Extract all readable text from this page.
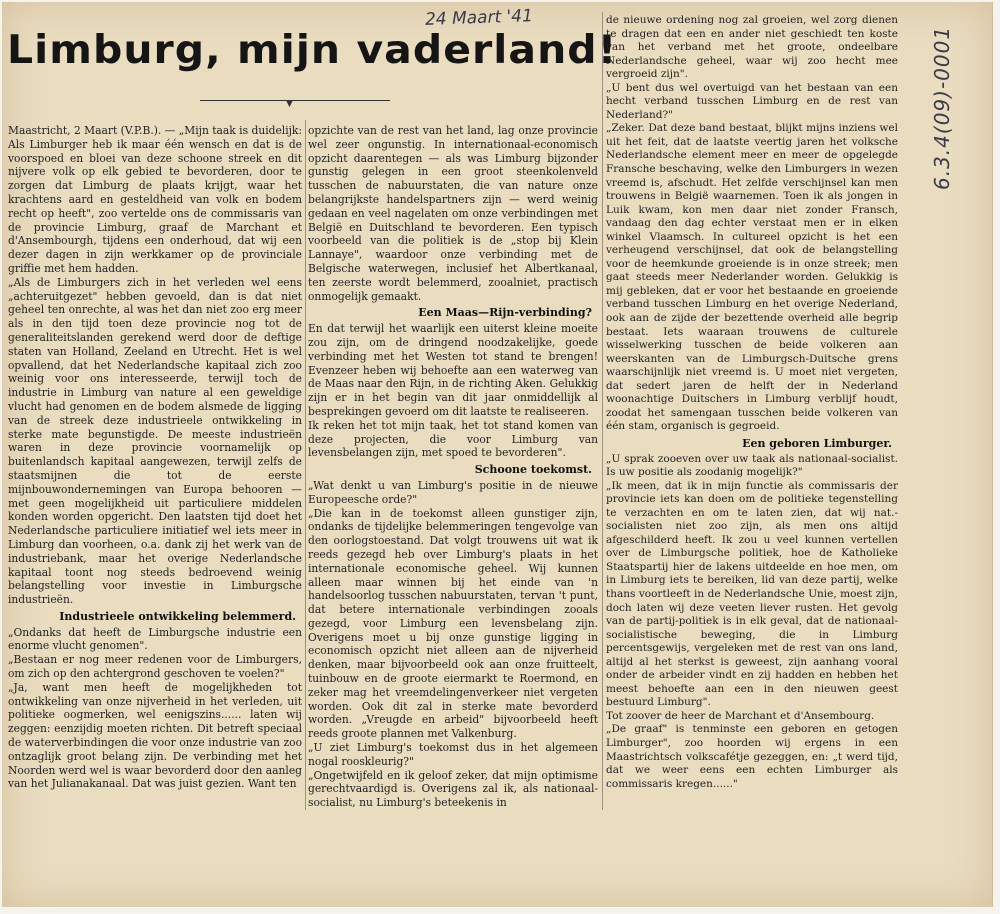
24 Maart '41
6.3.4(09)-0001
Limburg, mijn vaderland!
▼

Maastricht, 2 Maart (V.P.B.). — „Mijn taak is duidelijk: Als Limburger heb ik maar één wensch en dat is de voorspoed en bloei van deze schoone streek en dit nijvere volk op elk gebied te bevorderen, door te zorgen dat Limburg de plaats krijgt, waar het krachtens aard en gesteldheid van volk en bodem recht op heeft", zoo vertelde ons de commissaris van de provincie Limburg, graaf de Marchant et d'Ansembourgh, tijdens een onderhoud, dat wij een dezer dagen in zijn werkkamer op de provinciale griffie met hem hadden.

„Als de Limburgers zich in het verleden wel eens „achteruitgezet" hebben gevoeld, dan is dat niet geheel ten onrechte, al was het dan niet zoo erg meer als in den tijd toen deze provincie nog tot de generaliteitslanden gerekend werd door de deftige staten van Holland, Zeeland en Utrecht. Het is wel opvallend, dat het Nederlandsche kapitaal zich zoo weinig voor ons interesseerde, terwijl toch de industrie in Limburg van nature al een geweldige vlucht had genomen en de bodem alsmede de ligging van de streek deze industrieele ontwikkeling in sterke mate begunstigde. De meeste industrieën waren in deze provincie voornamelijk op buitenlandsch kapitaal aangewezen, terwijl zelfs de staatsmijnen die tot de eerste mijnbouwondernemingen van Europa behooren — met geen mogelijkheid uit particuliere middelen konden worden opgericht. Den laatsten tijd doet het Nederlandsche particuliere initiatief wel iets meer in Limburg dan voorheen, o.a. dank zij het werk van de industriebank, maar het overige Nederlandsche kapitaal toont nog steeds bedroevend weinig belangstelling voor investie in Limburgsche industrieën.

Industrieele ontwikkeling belemmerd.

„Ondanks dat heeft de Limburgsche industrie een enorme vlucht genomen".

„Bestaan er nog meer redenen voor de Limburgers, om zich op den achtergrond geschoven te voelen?"

„Ja, want men heeft de mogelijkheden tot ontwikkeling van onze nijverheid in het verleden, uit politieke oogmerken, wel eenigszins...... laten wij zeggen: eenzijdig moeten richten. Dit betreft speciaal de waterverbindingen die voor onze industrie van zoo ontzaglijk groot belang zijn. De verbinding met het Noorden werd wel is waar bevorderd door den aanleg van het Julianakanaal. Dat was juist gezien. Want ten

opzichte van de rest van het land, lag onze provincie wel zeer ongunstig. In internationaal-economisch opzicht daarentegen — als was Limburg bijzonder gunstig gelegen in een groot steenkolenveld tusschen de nabuurstaten, die van nature onze belangrijkste handelspartners zijn — werd weinig gedaan en veel nagelaten om onze verbindingen met België en Duitschland te bevorderen. Een typisch voorbeeld van die politiek is de „stop bij Klein Lannaye", waardoor onze verbinding met de Belgische waterwegen, inclusief het Albertkanaal, ten zeerste wordt belemmerd, zooalniet, practisch onmogelijk gemaakt.

Een Maas—Rijn-verbinding?

En dat terwijl het waarlijk een uiterst kleine moeite zou zijn, om de dringend noodzakelijke, goede verbinding met het Westen tot stand te brengen! Evenzeer heben wij behoefte aan een waterweg van de Maas naar den Rijn, in de richting Aken. Gelukkig zijn er in het begin van dit jaar onmiddellijk al besprekingen gevoerd om dit laatste te realiseeren.

Ik reken het tot mijn taak, het tot stand komen van deze projecten, die voor Limburg van levensbelangen zijn, met spoed te bevorderen".

Schoone toekomst.

„Wat denkt u van Limburg's positie in de nieuwe Europeesche orde?"

„Die kan in de toekomst alleen gunstiger zijn, ondanks de tijdelijke belemmeringen tengevolge van den oorlogstoestand. Dat volgt trouwens uit wat ik reeds gezegd heb over Limburg's plaats in het internationale economische geheel. Wij kunnen alleen maar winnen bij het einde van 'n handelsoorlog tusschen nabuurstaten, tervan 't punt, dat betere internationale verbindingen zooals gezegd, voor Limburg een levensbelang zijn. Overigens moet u bij onze gunstige ligging in economisch opzicht niet alleen aan de nijverheid denken, maar bijvoorbeeld ook aan onze fruitteelt, tuinbouw en de groote eiermarkt te Roermond, en zeker mag het vreemdelingenverkeer niet vergeten worden. Ook dit zal in sterke mate bevorderd worden. „Vreugde en arbeid" bijvoorbeeld heeft reeds groote plannen met Valkenburg.

„U ziet Limburg's toekomst dus in het algemeen nogal rooskleurig?"

„Ongetwijfeld en ik geloof zeker, dat mijn optimisme gerechtvaardigd is. Overigens zal ik, als nationaal-socialist, nu Limburg's beteekenis in

de nieuwe ordening nog zal groeien, wel zorg dienen te dragen dat een en ander niet geschiedt ten koste van het verband met het groote, ondeelbare Nederlandsche geheel, waar wij zoo hecht mee vergroeid zijn".

„U bent dus wel overtuigd van het bestaan van een hecht verband tusschen Limburg en de rest van Nederland?"

„Zeker. Dat deze band bestaat, blijkt mijns inziens wel uit het feit, dat de laatste veertig jaren het volksche Nederlandsche element meer en meer de opgelegde Fransche beschaving, welke den Limburgers in wezen vreemd is, afschudt. Het zelfde verschijnsel kan men trouwens in België waarnemen. Toen ik als jongen in Luik kwam, kon men daar niet zonder Fransch, vandaag den dag echter verstaat men er in elken winkel Vlaamsch. In cultureel opzicht is het een verheugend verschijnsel, dat ook de belangstelling voor de heemkunde groeiende is in onze streek; men gaat steeds meer Nederlander worden. Gelukkig is mij gebleken, dat er voor het bestaande en groeiende verband tusschen Limburg en het overige Nederland, ook aan de zijde der bezettende overheid alle begrip bestaat. Iets waaraan trouwens de culturele wisselwerking tusschen de beide volkeren aan weerskanten van de Limburgsch-Duitsche grens waarschijnlijk niet vreemd is. U moet niet vergeten, dat sedert jaren de helft der in Nederland woonachtige Duitschers in Limburg verblijf houdt, zoodat het samengaan tusschen beide volkeren van één stam, organisch is gegroeid.

Een geboren Limburger.

„U sprak zooeven over uw taak als nationaal-socialist. Is uw positie als zoodanig mogelijk?"

„Ik meen, dat ik in mijn functie als commissaris der provincie iets kan doen om de politieke tegenstelling te verzachten en om te laten zien, dat wij nat.-socialisten niet zoo zijn, als men ons altijd afgeschilderd heeft. Ik zou u veel kunnen vertellen over de Limburgsche politiek, hoe de Katholieke Staatspartij hier de lakens uitdeelde en hoe men, om in Limburg iets te bereiken, lid van deze partij, welke thans voortleeft in de Nederlandsche Unie, moest zijn, doch laten wij deze veeten liever rusten. Het gevolg van de partij-politiek is in elk geval, dat de nationaal-socialistische beweging, die in Limburg percentsgewijs, vergeleken met de rest van ons land, altijd al het sterkst is geweest, zijn aanhang vooral onder de arbeider vindt en zij hadden en hebben het meest behoefte aan een in den nieuwen geest bestuurd Limburg".

Tot zoover de heer de Marchant et d'Ansembourg.

„De graaf" is tenminste een geboren en getogen Limburger", zoo hoorden wij ergens in een Maastrichtsch volkscafétje gezeggen, en: „t werd tijd, dat we weer eens een echten Limburger als commissaris kregen......"
